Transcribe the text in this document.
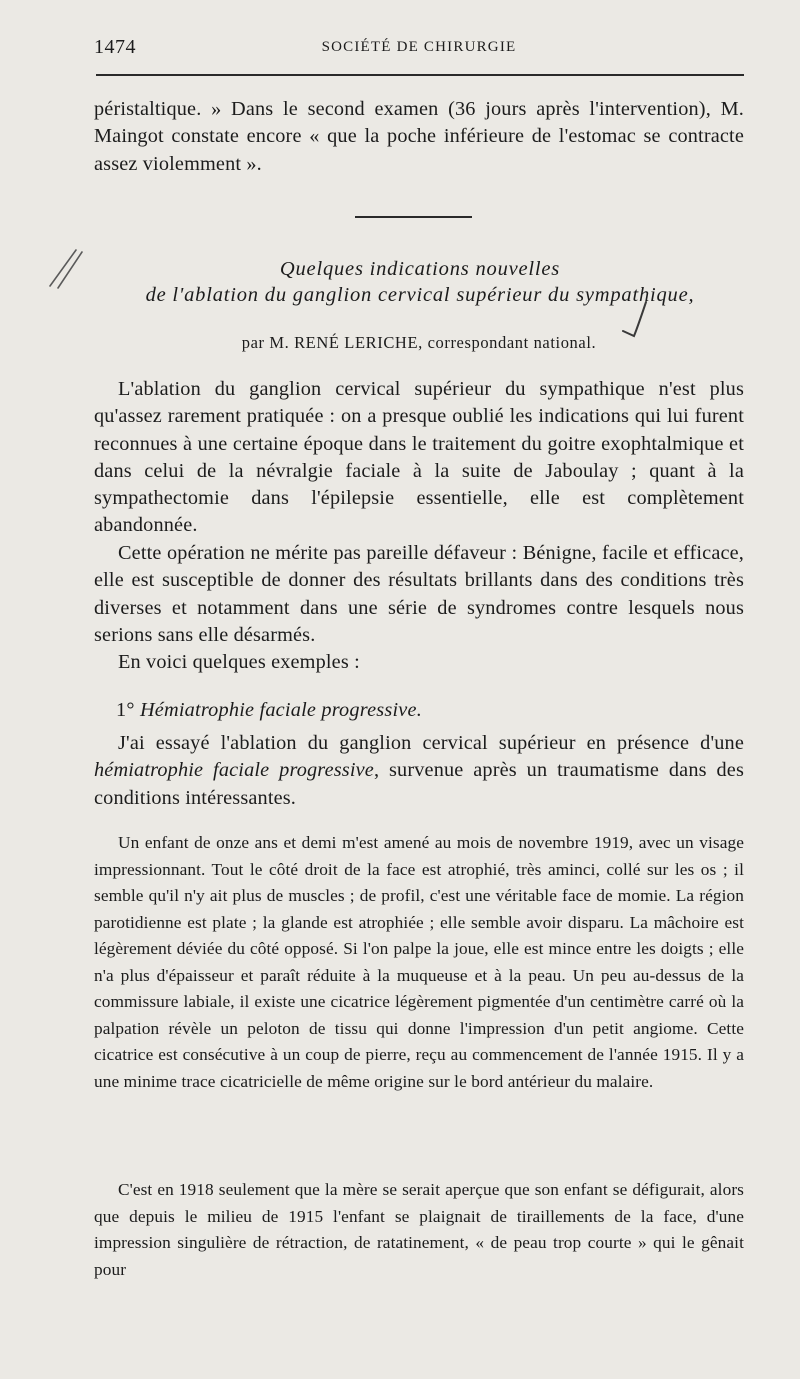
1474	SOCIÉTÉ DE CHIRURGIE

péristaltique. » Dans le second examen (36 jours après l'intervention), M. Maingot constate encore « que la poche inférieure de l'estomac se contracte assez violemment ».

Quelques indications nouvelles
de l'ablation du ganglion cervical supérieur du sympathique,
par M. RENÉ LERICHE, correspondant national.

L'ablation du ganglion cervical supérieur du sympathique n'est plus qu'assez rarement pratiquée : on a presque oublié les indications qui lui furent reconnues à une certaine époque dans le traitement du goitre exophtalmique et dans celui de la névralgie faciale à la suite de Jaboulay ; quant à la sympathectomie dans l'épilepsie essentielle, elle est complètement abandonnée.

Cette opération ne mérite pas pareille défaveur : Bénigne, facile et efficace, elle est susceptible de donner des résultats brillants dans des conditions très diverses et notamment dans une série de syndromes contre lesquels nous serions sans elle désarmés.

En voici quelques exemples :

1° Hémiatrophie faciale progressive.

J'ai essayé l'ablation du ganglion cervical supérieur en présence d'une hémiatrophie faciale progressive, survenue après un traumatisme dans des conditions intéressantes.

Un enfant de onze ans et demi m'est amené au mois de novembre 1919, avec un visage impressionnant. Tout le côté droit de la face est atrophié, très aminci, collé sur les os ; il semble qu'il n'y ait plus de muscles ; de profil, c'est une véritable face de momie. La région parotidienne est plate ; la glande est atrophiée ; elle semble avoir disparu. La mâchoire est légèrement déviée du côté opposé. Si l'on palpe la joue, elle est mince entre les doigts ; elle n'a plus d'épaisseur et paraît réduite à la muqueuse et à la peau. Un peu au-dessus de la commissure labiale, il existe une cicatrice légèrement pigmentée d'un centimètre carré où la palpation révèle un peloton de tissu qui donne l'impression d'un petit angiome. Cette cicatrice est consécutive à un coup de pierre, reçu au commencement de l'année 1915. Il y a une minime trace cicatricielle de même origine sur le bord antérieur du malaire.

C'est en 1918 seulement que la mère se serait aperçue que son enfant se défigurait, alors que depuis le milieu de 1915 l'enfant se plaignait de tiraillements de la face, d'une impression singulière de rétraction, de ratatinement, « de peau trop courte » qui le gênait pour
